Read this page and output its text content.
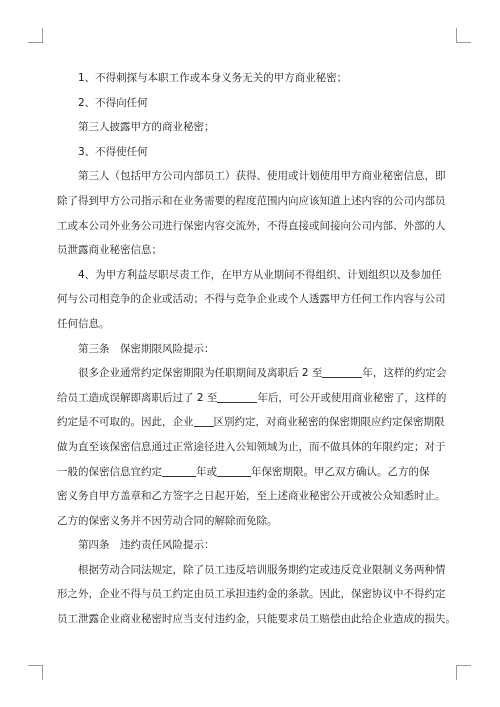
　　1、不得刺探与本职工作或本身义务无关的甲方商业秘密；

　　2、不得向任何

　　第三人披露甲方的商业秘密；

　　3、不得使任何

　　第三人（包括甲方公司内部员工）获得、使用或计划使用甲方商业秘密信息，即

除了得到甲方公司指示和在业务需要的程度范围内向应该知道上述内容的公司内部员

工或本公司外业务公司进行保密内容交流外，不得直接或间接向公司内部、外部的人

员泄露商业秘密信息；

　　4、为甲方利益尽职尽责工作，在甲方从业期间不得组织、计划组织以及参加任

何与公司相竞争的企业或活动；不得与竞争企业或个人透露甲方任何工作内容与公司

任何信息。

　　第三条　保密期限风险提示：

　　很多企业通常约定保密期限为任职期间及离职后 2 至	年，这样的约定会

给员工造成误解即离职后过了 2 至	年后，可公开或使用商业秘密了，这样的

约定是不可取的。因此，企业 区别约定，对商业秘密的保密期限应约定保密期限

做为直至该保密信息通过正常途径进入公知领域为止，而不做具体的年限约定；对于

一般的保密信息宜约定	年或	年保密期限。甲乙双方确认。乙方的保

密义务自甲方盖章和乙方签字之日起开始，至上述商业秘密公开或被公众知悉时止。

乙方的保密义务并不因劳动合同的解除而免除。

　　第四条　违约责任风险提示：

　　根据劳动合同法规定，除了员工违反培训服务期约定或违反竞业限制义务两种情

形之外，企业不得与员工约定由员工承担违约金的条款。因此，保密协议中不得约定

员工泄露企业商业秘密时应当支付违约金，只能要求员工赔偿由此给企业造成的损失。
